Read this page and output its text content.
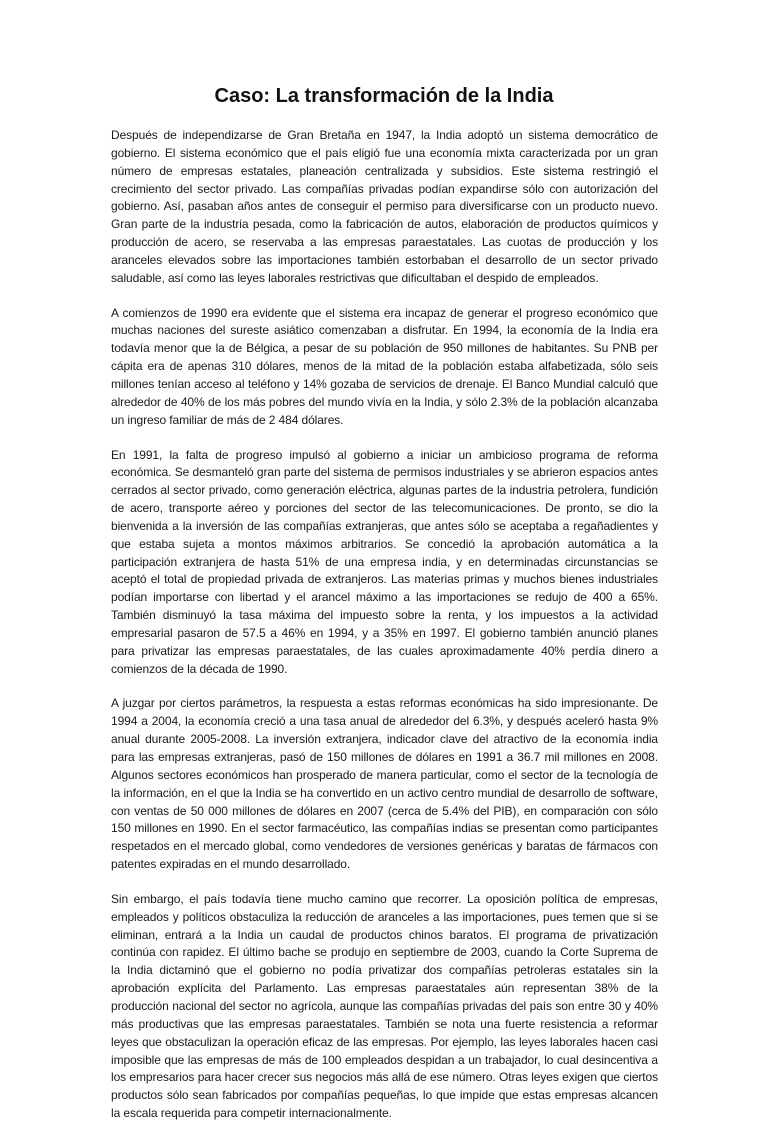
Caso: La transformación de la India

Después de independizarse de Gran Bretaña en 1947, la India adoptó un sistema democrático de gobierno. El sistema económico que el país eligió fue una economía mixta caracterizada por un gran número de empresas estatales, planeación centralizada y subsidios. Este sistema restringió el crecimiento del sector privado. Las compañías privadas podían expandirse sólo con autorización del gobierno. Así, pasaban años antes de conseguir el permiso para diversificarse con un producto nuevo. Gran parte de la industria pesada, como la fabricación de autos, elaboración de productos químicos y producción de acero, se reservaba a las empresas paraestatales. Las cuotas de producción y los aranceles elevados sobre las importaciones también estorbaban el desarrollo de un sector privado saludable, así como las leyes laborales restrictivas que dificultaban el despido de empleados.

A comienzos de 1990 era evidente que el sistema era incapaz de generar el progreso económico que muchas naciones del sureste asiático comenzaban a disfrutar. En 1994, la economía de la India era todavía menor que la de Bélgica, a pesar de su población de 950 millones de habitantes. Su PNB per cápita era de apenas 310 dólares, menos de la mitad de la población estaba alfabetizada, sólo seis millones tenían acceso al teléfono y 14% gozaba de servicios de drenaje. El Banco Mundial calculó que alrededor de 40% de los más pobres del mundo vivía en la India, y sólo 2.3% de la población alcanzaba un ingreso familiar de más de 2 484 dólares.

En 1991, la falta de progreso impulsó al gobierno a iniciar un ambicioso programa de reforma económica. Se desmanteló gran parte del sistema de permisos industriales y se abrieron espacios antes cerrados al sector privado, como generación eléctrica, algunas partes de la industria petrolera, fundición de acero, transporte aéreo y porciones del sector de las telecomunicaciones. De pronto, se dio la bienvenida a la inversión de las compañías extranjeras, que antes sólo se aceptaba a regañadientes y que estaba sujeta a montos máximos arbitrarios. Se concedió la aprobación automática a la participación extranjera de hasta 51% de una empresa india, y en determinadas circunstancias se aceptó el total de propiedad privada de extranjeros. Las materias primas y muchos bienes industriales podían importarse con libertad y el arancel máximo a las importaciones se redujo de 400 a 65%. También disminuyó la tasa máxima del impuesto sobre la renta, y los impuestos a la actividad empresarial pasaron de 57.5 a 46% en 1994, y a 35% en 1997. El gobierno también anunció planes para privatizar las empresas paraestatales, de las cuales aproximadamente 40% perdía dinero a comienzos de la década de 1990.

A juzgar por ciertos parámetros, la respuesta a estas reformas económicas ha sido impresionante. De 1994 a 2004, la economía creció a una tasa anual de alrededor del 6.3%, y después aceleró hasta 9% anual durante 2005-2008. La inversión extranjera, indicador clave del atractivo de la economía india para las empresas extranjeras, pasó de 150 millones de dólares en 1991 a 36.7 mil millones en 2008. Algunos sectores económicos han prosperado de manera particular, como el sector de la tecnología de la información, en el que la India se ha convertido en un activo centro mundial de desarrollo de software, con ventas de 50 000 millones de dólares en 2007 (cerca de 5.4% del PIB), en comparación con sólo 150 millones en 1990. En el sector farmacéutico, las compañías indias se presentan como participantes respetados en el mercado global, como vendedores de versiones genéricas y baratas de fármacos con patentes expiradas en el mundo desarrollado.

Sin embargo, el país todavía tiene mucho camino que recorrer. La oposición política de empresas, empleados y políticos obstaculiza la reducción de aranceles a las importaciones, pues temen que si se eliminan, entrará a la India un caudal de productos chinos baratos. El programa de privatización continúa con rapidez. El último bache se produjo en septiembre de 2003, cuando la Corte Suprema de la India dictaminó que el gobierno no podía privatizar dos compañías petroleras estatales sin la aprobación explícita del Parlamento. Las empresas paraestatales aún representan 38% de la producción nacional del sector no agrícola, aunque las compañías privadas del país son entre 30 y 40% más productivas que las empresas paraestatales. También se nota una fuerte resistencia a reformar leyes que obstaculizan la operación eficaz de las empresas. Por ejemplo, las leyes laborales hacen casi imposible que las empresas de más de 100 empleados despidan a un trabajador, lo cual desincentiva a los empresarios para hacer crecer sus negocios más allá de ese número. Otras leyes exigen que ciertos productos sólo sean fabricados por compañías pequeñas, lo que impide que estas empresas alcancen la escala requerida para competir internacionalmente.
